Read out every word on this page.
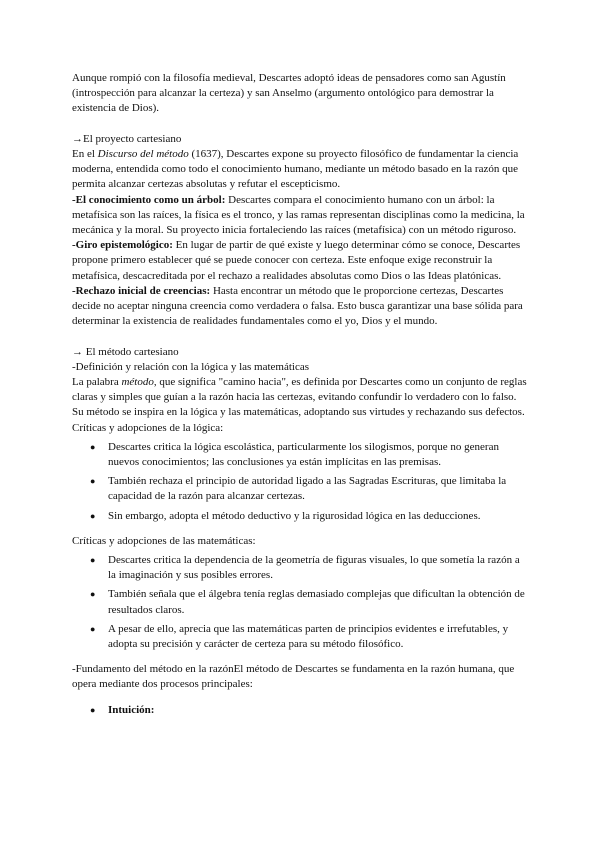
Aunque rompió con la filosofía medieval, Descartes adoptó ideas de pensadores como san Agustín (introspección para alcanzar la certeza) y san Anselmo (argumento ontológico para demostrar la existencia de Dios).

→El proyecto cartesiano

En el Discurso del método (1637), Descartes expone su proyecto filosófico de fundamentar la ciencia moderna, entendida como todo el conocimiento humano, mediante un método basado en la razón que permita alcanzar certezas absolutas y refutar el escepticismo.

-El conocimiento como un árbol: Descartes compara el conocimiento humano con un árbol: la metafísica son las raíces, la física es el tronco, y las ramas representan disciplinas como la medicina, la mecánica y la moral. Su proyecto inicia fortaleciendo las raíces (metafísica) con un método riguroso.

-Giro epistemológico: En lugar de partir de qué existe y luego determinar cómo se conoce, Descartes propone primero establecer qué se puede conocer con certeza. Este enfoque exige reconstruir la metafísica, descacreditada por el rechazo a realidades absolutas como Dios o las Ideas platónicas.

-Rechazo inicial de creencias: Hasta encontrar un método que le proporcione certezas, Descartes decide no aceptar ninguna creencia como verdadera o falsa. Esto busca garantizar una base sólida para determinar la existencia de realidades fundamentales como el yo, Dios y el mundo.

→ El método cartesiano

-Definición y relación con la lógica y las matemáticas

La palabra método, que significa "camino hacia", es definida por Descartes como un conjunto de reglas claras y simples que guían a la razón hacia las certezas, evitando confundir lo verdadero con lo falso. Su método se inspira en la lógica y las matemáticas, adoptando sus virtudes y rechazando sus defectos.

Críticas y adopciones de la lógica:

● Descartes critica la lógica escolástica, particularmente los silogismos, porque no generan nuevos conocimientos; las conclusiones ya están implícitas en las premisas.
● También rechaza el principio de autoridad ligado a las Sagradas Escrituras, que limitaba la capacidad de la razón para alcanzar certezas.
● Sin embargo, adopta el método deductivo y la rigurosidad lógica en las deducciones.

Críticas y adopciones de las matemáticas:

● Descartes critica la dependencia de la geometría de figuras visuales, lo que sometía la razón a la imaginación y sus posibles errores.
● También señala que el álgebra tenía reglas demasiado complejas que dificultan la obtención de resultados claros.
● A pesar de ello, aprecia que las matemáticas parten de principios evidentes e irrefutables, y adopta su precisión y carácter de certeza para su método filosófico.

-Fundamento del método en la razónEl método de Descartes se fundamenta en la razón humana, que opera mediante dos procesos principales:

● Intuición:
